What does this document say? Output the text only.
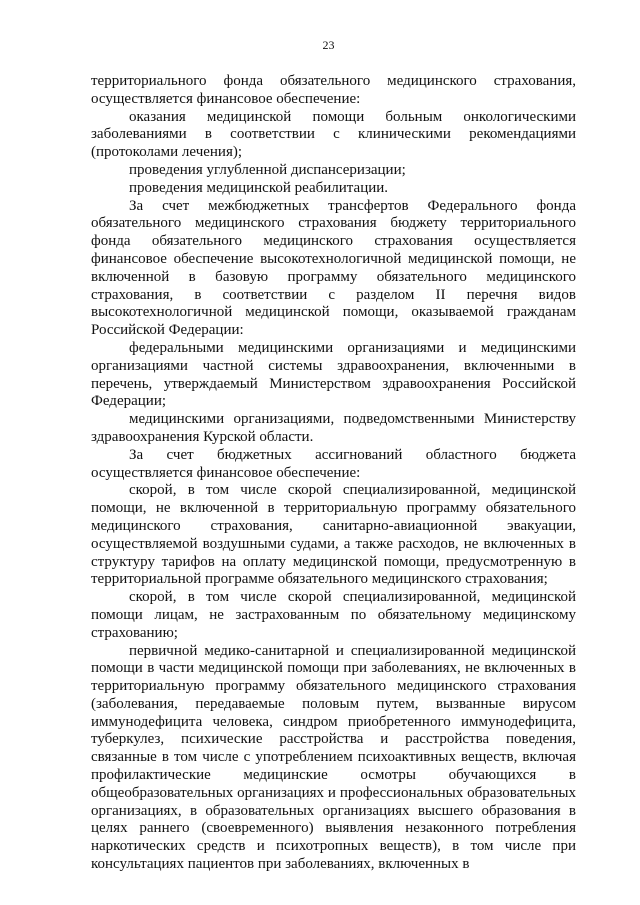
23

территориального фонда обязательного медицинского страхования, осуществляется финансовое обеспечение:

оказания медицинской помощи больным онкологическими заболеваниями в соответствии с клиническими рекомендациями (протоколами лечения);

проведения углубленной диспансеризации;

проведения медицинской реабилитации.

За счет межбюджетных трансфертов Федерального фонда обязательного медицинского страхования бюджету территориального фонда обязательного медицинского страхования осуществляется финансовое обеспечение высокотехнологичной медицинской помощи, не включенной в базовую программу обязательного медицинского страхования, в соответствии с разделом II перечня видов высокотехнологичной медицинской помощи, оказываемой гражданам Российской Федерации:

федеральными медицинскими организациями и медицинскими организациями частной системы здравоохранения, включенными в перечень, утверждаемый Министерством здравоохранения Российской Федерации;

медицинскими организациями, подведомственными Министерству здравоохранения Курской области.

За счет бюджетных ассигнований областного бюджета осуществляется финансовое обеспечение:

скорой, в том числе скорой специализированной, медицинской помощи, не включенной в территориальную программу обязательного медицинского страхования, санитарно-авиационной эвакуации, осуществляемой воздушными судами, а также расходов, не включенных в структуру тарифов на оплату медицинской помощи, предусмотренную в территориальной программе обязательного медицинского страхования;

скорой, в том числе скорой специализированной, медицинской помощи лицам, не застрахованным по обязательному медицинскому страхованию;

первичной медико-санитарной и специализированной медицинской помощи в части медицинской помощи при заболеваниях, не включенных в территориальную программу обязательного медицинского страхования (заболевания, передаваемые половым путем, вызванные вирусом иммунодефицита человека, синдром приобретенного иммунодефицита, туберкулез, психические расстройства и расстройства поведения, связанные в том числе с употреблением психоактивных веществ, включая профилактические медицинские осмотры обучающихся в общеобразовательных организациях и профессиональных образовательных организациях, в образовательных организациях высшего образования в целях раннего (своевременного) выявления незаконного потребления наркотических средств и психотропных веществ), в том числе при консультациях пациентов при заболеваниях, включенных в
